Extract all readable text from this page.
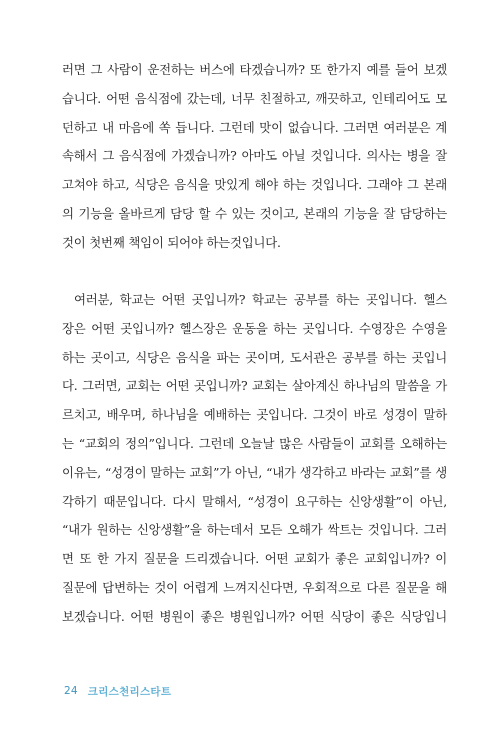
러면 그 사람이 운전하는 버스에 타겠습니까? 또 한가지 예를 들어 보겠
습니다. 어떤 음식점에 갔는데, 너무 친절하고, 깨끗하고, 인테리어도 모
던하고 내 마음에 쏙 듭니다. 그런데 맛이 없습니다. 그러면 여러분은 계
속해서 그 음식점에 가겠습니까? 아마도 아닐 것입니다. 의사는 병을 잘
고쳐야 하고, 식당은 음식을 맛있게 해야 하는 것입니다. 그래야 그 본래
의 기능을 올바르게 담당 할 수 있는 것이고, 본래의 기능을 잘 담당하는
것이 첫번째 책임이 되어야 하는것입니다.
여러분, 학교는 어떤 곳입니까? 학교는 공부를 하는 곳입니다. 헬스
장은 어떤 곳입니까? 헬스장은 운동을 하는 곳입니다. 수영장은 수영을
하는 곳이고, 식당은 음식을 파는 곳이며, 도서관은 공부를 하는 곳입니
다. 그러면, 교회는 어떤 곳입니까? 교회는 살아계신 하나님의 말씀을 가
르치고, 배우며, 하나님을 예배하는 곳입니다. 그것이 바로 성경이 말하
는 “교회의 정의”입니다. 그런데 오늘날 많은 사람들이 교회를 오해하는
이유는, “성경이 말하는 교회”가 아닌, “내가 생각하고 바라는 교회”를 생
각하기 때문입니다. 다시 말해서, “성경이 요구하는 신앙생활”이 아닌,
“내가 원하는 신앙생활”을 하는데서 모든 오해가 싹트는 것입니다. 그러
면 또 한 가지 질문을 드리겠습니다. 어떤 교회가 좋은 교회입니까? 이
질문에 답변하는 것이 어렵게 느껴지신다면, 우회적으로 다른 질문을 해
보겠습니다. 어떤 병원이 좋은 병원입니까? 어떤 식당이 좋은 식당입니
24 크리스천리스타트
